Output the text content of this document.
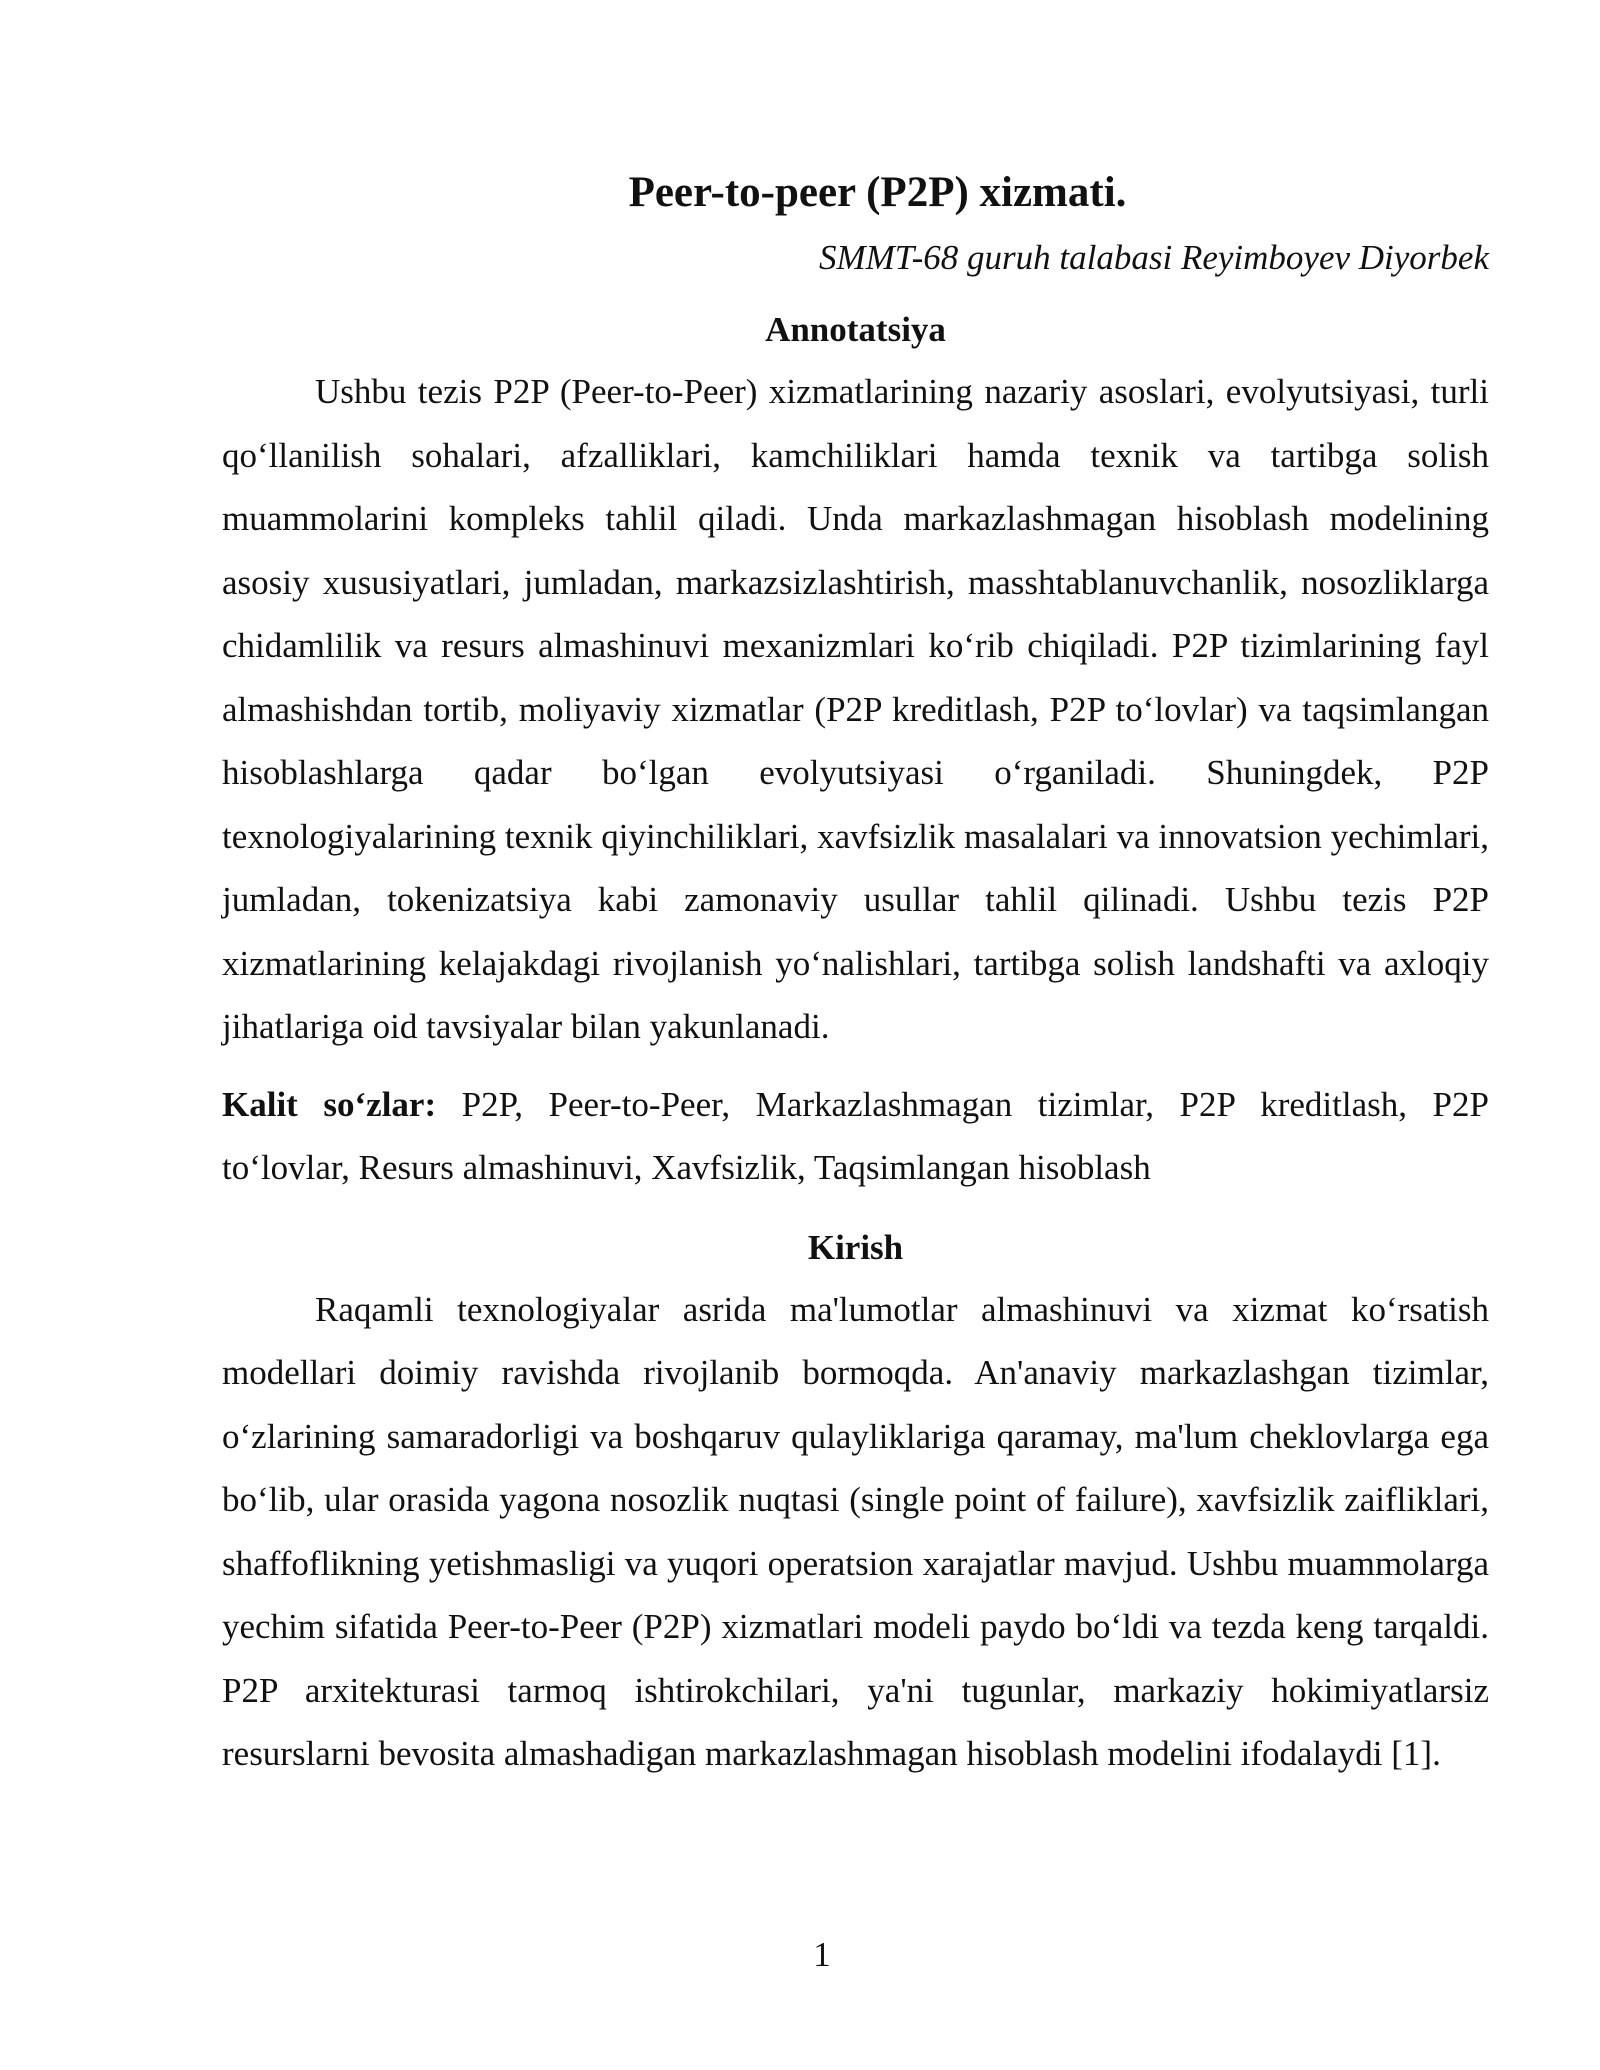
Peer-to-peer (P2P) xizmati.
SMMT-68 guruh talabasi Reyimboyev Diyorbek
Annotatsiya

Ushbu tezis P2P (Peer-to-Peer) xizmatlarining nazariy asoslari, evolyutsiyasi, turli qo‘llanilish sohalari, afzalliklari, kamchiliklari hamda texnik va tartibga solish muammolarini kompleks tahlil qiladi. Unda markazlashmagan hisoblash modelining asosiy xususiyatlari, jumladan, markazsizlashtirish, masshtablanuvchanlik, nosozliklarga chidamlilik va resurs almashinuvi mexanizmlari ko‘rib chiqiladi. P2P tizimlarining fayl almashishdan tortib, moliyaviy xizmatlar (P2P kreditlash, P2P to‘lovlar) va taqsimlangan hisoblashlarga qadar bo‘lgan evolyutsiyasi o‘rganiladi. Shuningdek, P2P texnologiyalarining texnik qiyinchiliklari, xavfsizlik masalalari va innovatsion yechimlari, jumladan, tokenizatsiya kabi zamonaviy usullar tahlil qilinadi. Ushbu tezis P2P xizmatlarining kelajakdagi rivojlanish yo‘nalishlari, tartibga solish landshafti va axloqiy jihatlariga oid tavsiyalar bilan yakunlanadi.

Kalit so‘zlar: P2P, Peer-to-Peer, Markazlashmagan tizimlar, P2P kreditlash, P2P to‘lovlar, Resurs almashinuvi, Xavfsizlik, Taqsimlangan hisoblash

Kirish

Raqamli texnologiyalar asrida ma'lumotlar almashinuvi va xizmat ko‘rsatish modellari doimiy ravishda rivojlanib bormoqda. An'anaviy markazlashgan tizimlar, o‘zlarining samaradorligi va boshqaruv qulayliklariga qaramay, ma'lum cheklovlarga ega bo‘lib, ular orasida yagona nosozlik nuqtasi (single point of failure), xavfsizlik zaifliklari, shaffoflikning yetishmasligi va yuqori operatsion xarajatlar mavjud. Ushbu muammolarga yechim sifatida Peer-to-Peer (P2P) xizmatlari modeli paydo bo‘ldi va tezda keng tarqaldi. P2P arxitekturasi tarmoq ishtirokchilari, ya'ni tugunlar, markaziy hokimiyatlarsiz resurslarni bevosita almashadigan markazlashmagan hisoblash modelini ifodalaydi [1].

1
